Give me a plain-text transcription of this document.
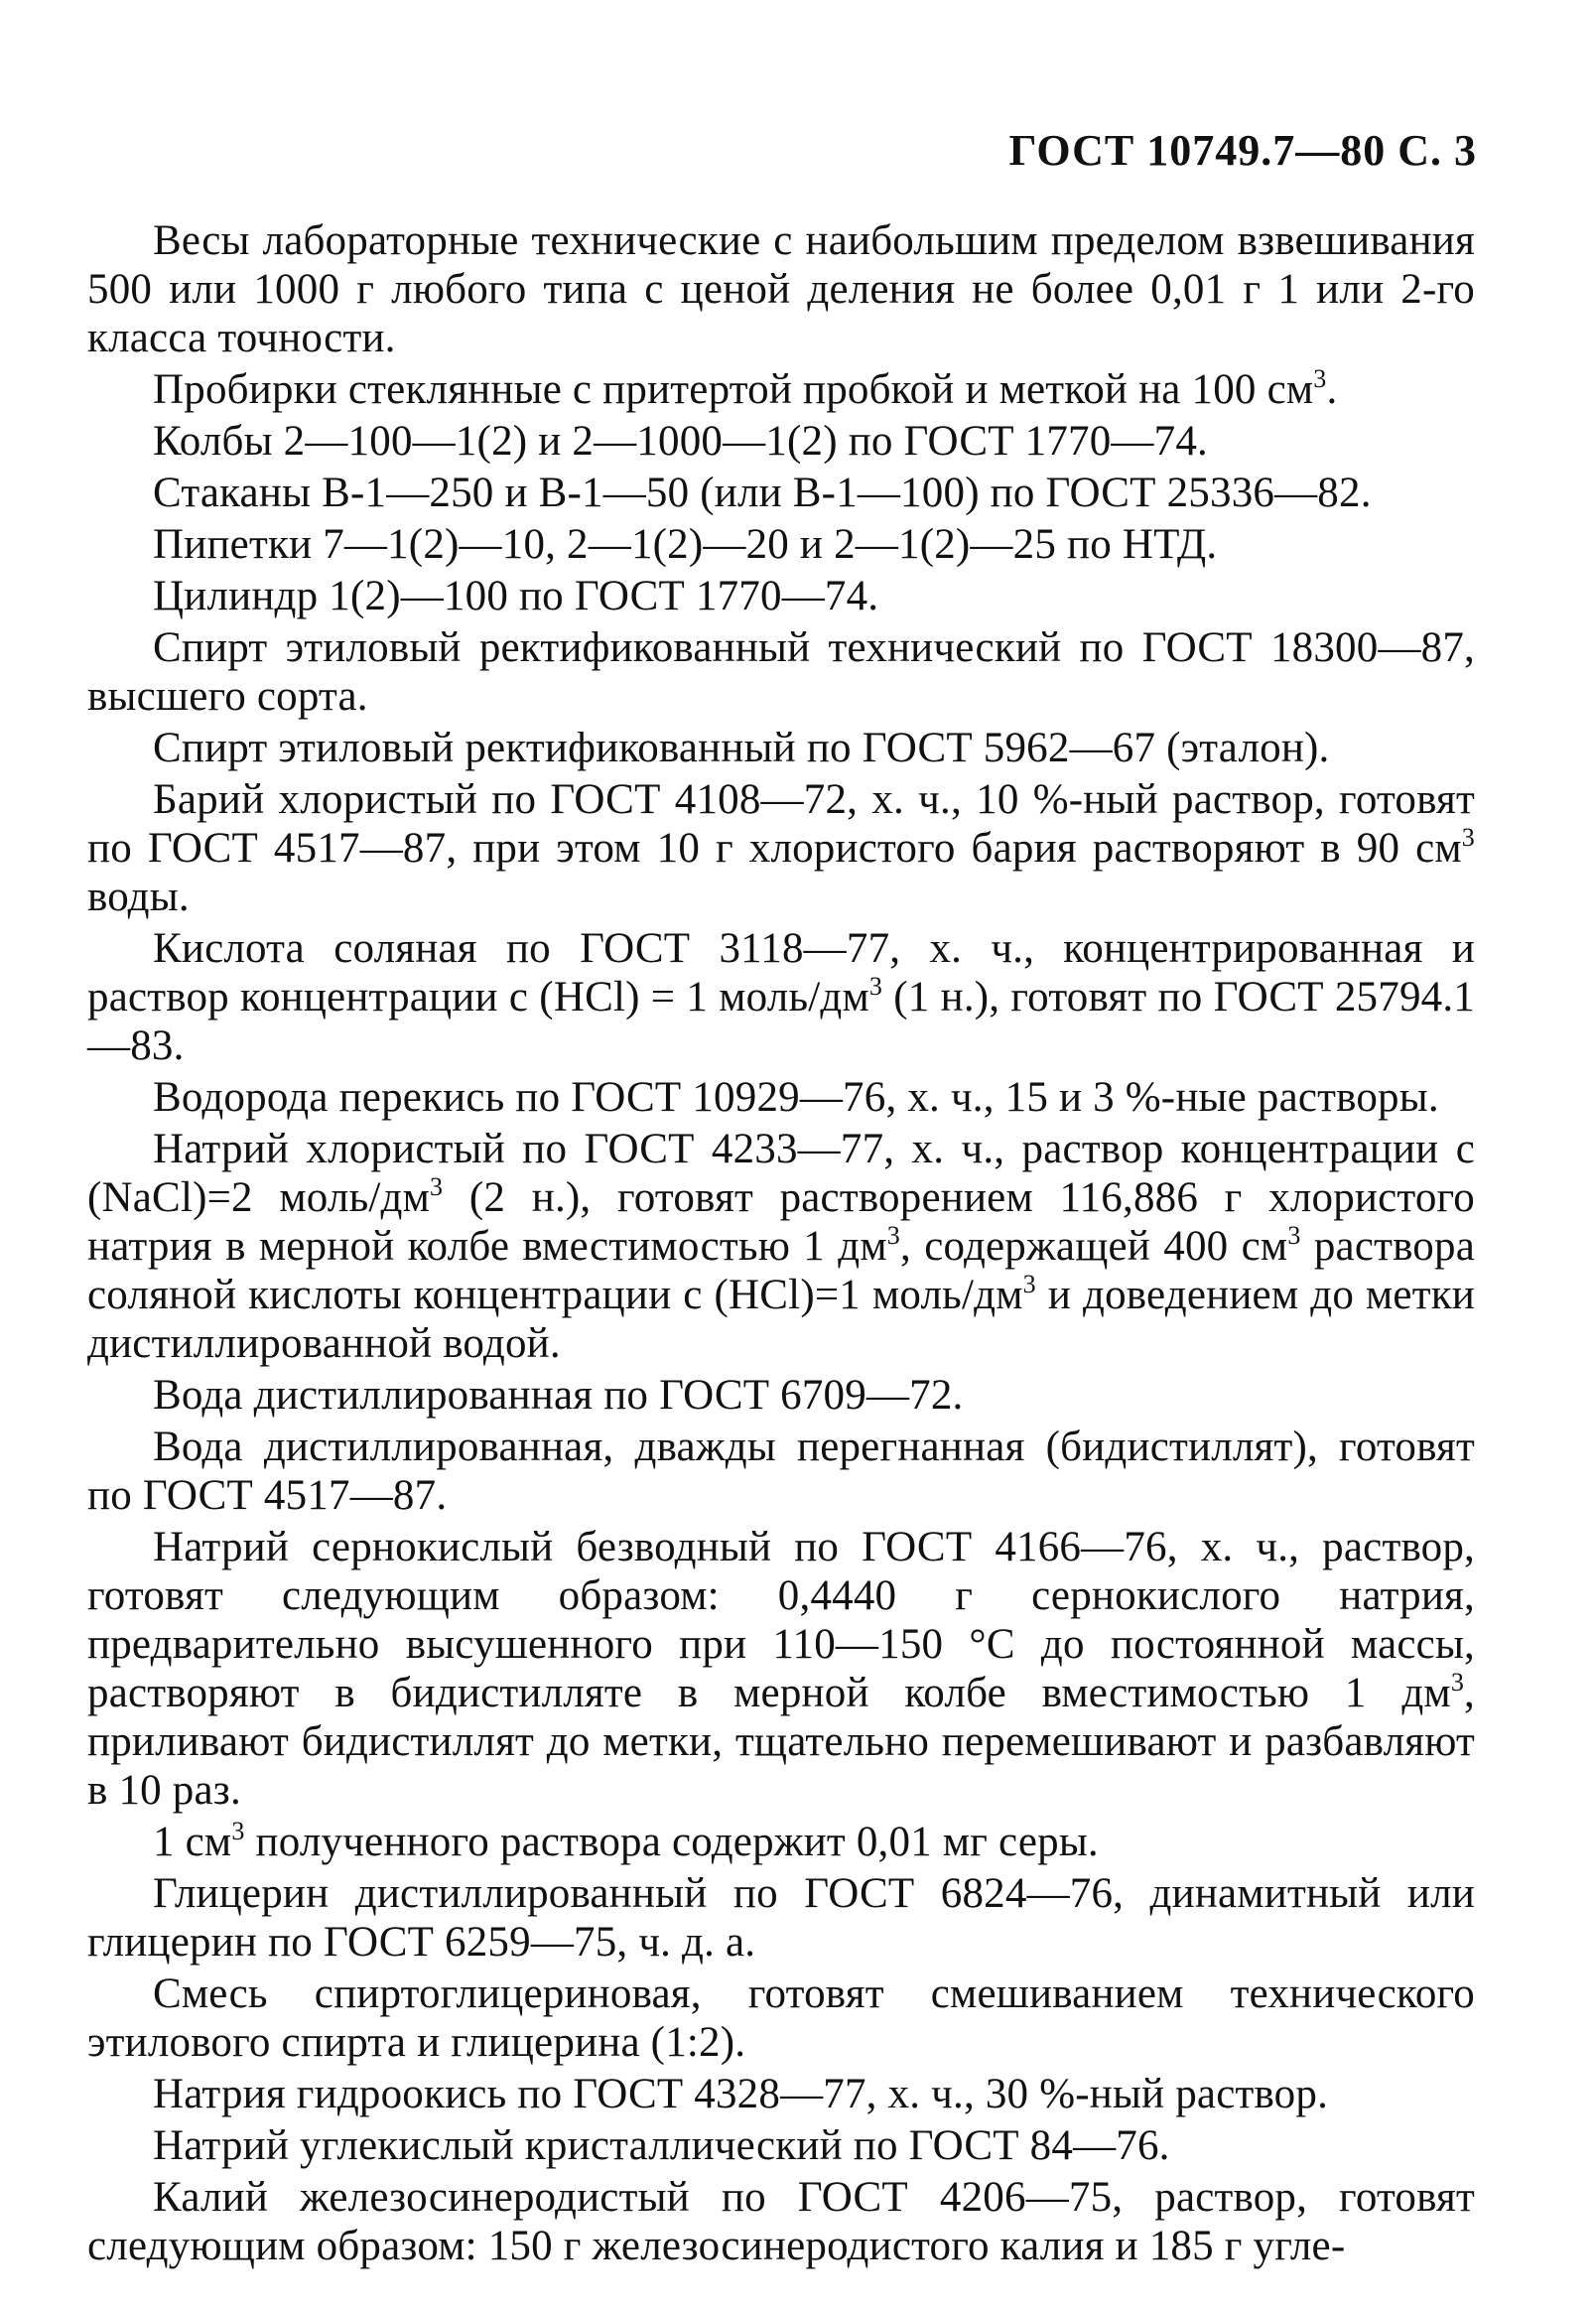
ГОСТ 10749.7—80 С. 3

Весы лабораторные технические с наибольшим пределом взвешивания 500 или 1000 г любого типа с ценой деления не более 0,01 г 1 или 2-го класса точности.

Пробирки стеклянные с притертой пробкой и меткой на 100 $см^3$.

Колбы 2—100—1(2) и 2—1000—1(2) по ГОСТ 1770—74.

Стаканы В-1—250 и В-1—50 (или В-1—100) по ГОСТ 25336—82.

Пипетки 7—1(2)—10, 2—1(2)—20 и 2—1(2)—25 по НТД.

Цилиндр 1(2)—100 по ГОСТ 1770—74.

Спирт этиловый ректификованный технический по ГОСТ 18300—87, высшего сорта.

Спирт этиловый ректификованный по ГОСТ 5962—67 (эталон).

Барий хлористый по ГОСТ 4108—72, х. ч., 10 %-ный раствор, готовят по ГОСТ 4517—87, при этом 10 г хлористого бария растворяют в 90 $см^3$ воды.

Кислота соляная по ГОСТ 3118—77, х. ч., концентрированная и раствор концентрации с (HCl) = 1 моль/$дм^3$ (1 н.), готовят по ГОСТ 25794.1—83.

Водорода перекись по ГОСТ 10929—76, х. ч., 15 и 3 %-ные растворы.

Натрий хлористый по ГОСТ 4233—77, х. ч., раствор концентрации с (NaCl)=2 моль/$дм^3$ (2 н.), готовят растворением 116,886 г хлористого натрия в мерной колбе вместимостью 1 $дм^3$, содержащей 400 $см^3$ раствора соляной кислоты концентрации с (HCl)=1 моль/$дм^3$ и доведением до метки дистиллированной водой.

Вода дистиллированная по ГОСТ 6709—72.

Вода дистиллированная, дважды перегнанная (бидистиллят), готовят по ГОСТ 4517—87.

Натрий сернокислый безводный по ГОСТ 4166—76, х. ч., раствор, готовят следующим образом: 0,4440 г сернокислого натрия, предварительно высушенного при 110—150 °С до постоянной массы, растворяют в бидистилляте в мерной колбе вместимостью 1 $дм^3$, приливают бидистиллят до метки, тщательно перемешивают и разбавляют в 10 раз.

1 $см^3$ полученного раствора содержит 0,01 мг серы.

Глицерин дистиллированный по ГОСТ 6824—76, динамитный или глицерин по ГОСТ 6259—75, ч. д. а.

Смесь спиртоглицериновая, готовят смешиванием технического этилового спирта и глицерина (1:2).

Натрия гидроокись по ГОСТ 4328—77, х. ч., 30 %-ный раствор.

Натрий углекислый кристаллический по ГОСТ 84—76.

Калий железосинеродистый по ГОСТ 4206—75, раствор, готовят следующим образом: 150 г железосинеродистого калия и 185 г угле-
